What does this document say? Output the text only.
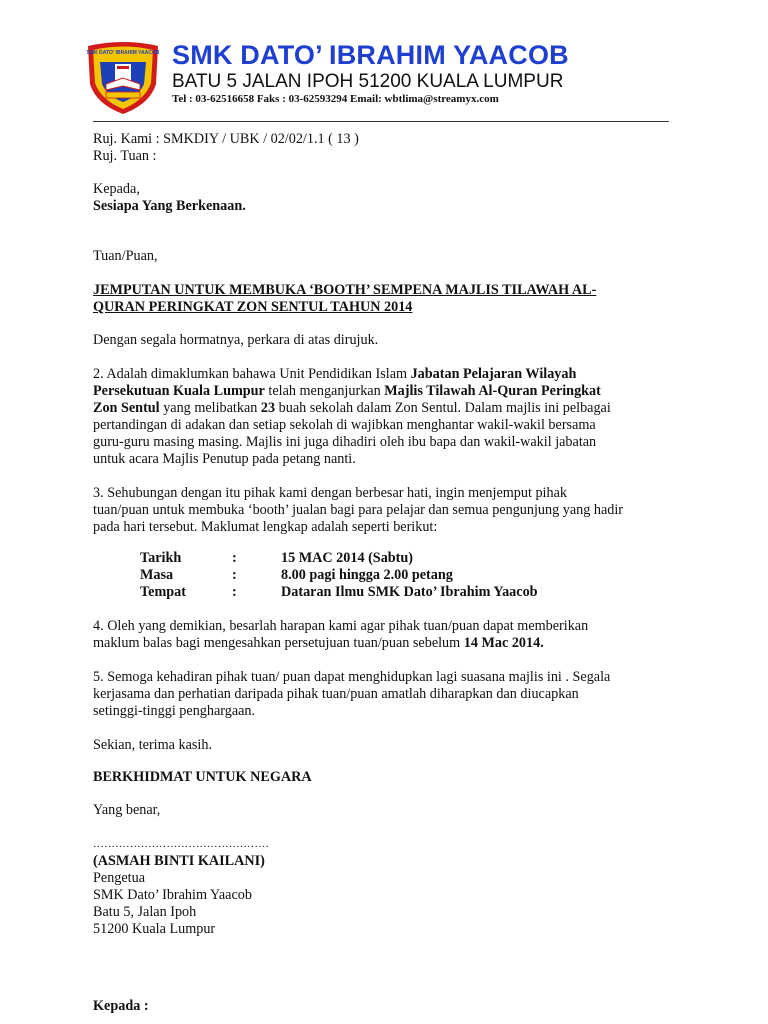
SMK DATO' IBRAHIM YAACOB SMK DATO’ IBRAHIM YAACOB
BATU 5 JALAN IPOH 51200 KUALA LUMPUR
Tel : 03-62516658 Faks : 03-62593294 Email: wbtlima@streamyx.com
Ruj. Kami : SMKDIY / UBK / 02/02/1.1 ( 13 )
Ruj. Tuan :
Kepada,
Sesiapa Yang Berkenaan.
Tuan/Puan,
JEMPUTAN UNTUK MEMBUKA ‘BOOTH’ SEMPENA MAJLIS TILAWAH AL-
QURAN PERINGKAT ZON SENTUL TAHUN 2014
Dengan segala hormatnya, perkara di atas dirujuk.
2. Adalah dimaklumkan bahawa Unit Pendidikan Islam Jabatan Pelajaran Wilayah
Persekutuan Kuala Lumpur telah menganjurkan Majlis Tilawah Al-Quran Peringkat
Zon Sentul yang melibatkan 23 buah sekolah dalam Zon Sentul. Dalam majlis ini pelbagai
pertandingan di adakan dan setiap sekolah di wajibkan menghantar wakil-wakil bersama
guru-guru masing masing. Majlis ini juga dihadiri oleh ibu bapa dan wakil-wakil jabatan
untuk acara Majlis Penutup pada petang nanti.
3. Sehubungan dengan itu pihak kami dengan berbesar hati, ingin menjemput pihak
tuan/puan untuk membuka ‘booth’ jualan bagi para pelajar dan semua pengunjung yang hadir
pada hari tersebut. Maklumat lengkap adalah seperti berikut:
Tarikh	:	15 MAC 2014 (Sabtu)
Masa	:	8.00 pagi hingga 2.00 petang
Tempat	:	Dataran Ilmu SMK Dato’ Ibrahim Yaacob
4. Oleh yang demikian, besarlah harapan kami agar pihak tuan/puan dapat memberikan
maklum balas bagi mengesahkan persetujuan tuan/puan sebelum 14 Mac 2014.
5. Semoga kehadiran pihak tuan/ puan dapat menghidupkan lagi suasana majlis ini . Segala
kerjasama dan perhatian daripada pihak tuan/puan amatlah diharapkan dan diucapkan
setinggi-tinggi penghargaan.
Sekian, terima kasih.
BERKHIDMAT UNTUK NEGARA
Yang benar,
…………………………………………
(ASMAH BINTI KAILANI)
Pengetua
SMK Dato’ Ibrahim Yaacob
Batu 5, Jalan Ipoh
51200 Kuala Lumpur
Kepada :
